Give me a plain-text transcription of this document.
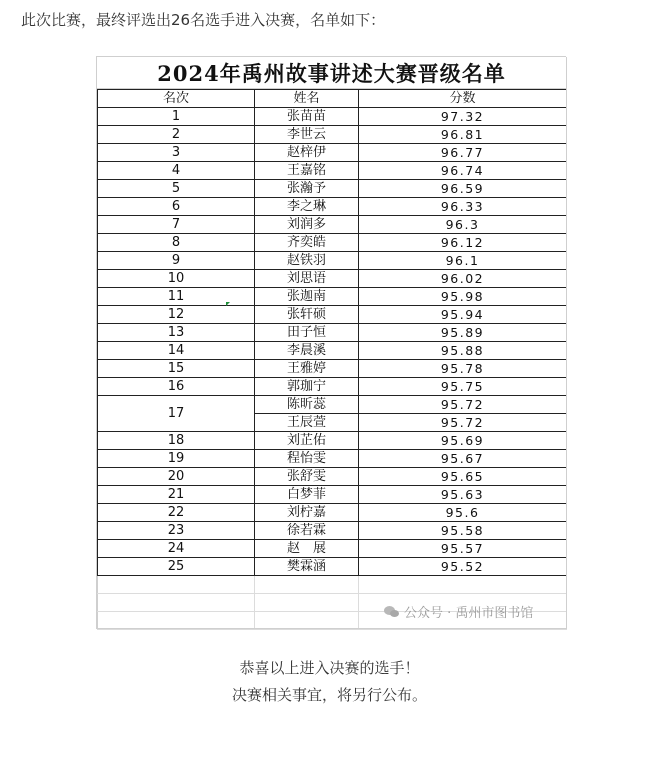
此次比赛，最终评选出26名选手进入决赛，名单如下：
2024年禹州故事讲述大赛晋级名单
名次	姓名	分数
1	张苗苗	97.32
2	李世云	96.81
3	赵梓伊	96.77
4	王嘉铭	96.74
5	张瀚予	96.59
6	李之琳	96.33
7	刘润多	96.3
8	齐奕皓	96.12
9	赵铁羽	96.1
10	刘思语	96.02
11	张迦南	95.98
12	张轩硕	95.94
13	田子恒	95.89
14	李晨溪	95.88
15	王雅婷	95.78
16	郭珈宁	95.75
17	陈昕蕊	95.72
	王辰萱	95.72
18	刘芷佑	95.69
19	程怡雯	95.67
20	张舒雯	95.65
21	白梦菲	95.63
22	刘柠嘉	95.6
23	徐若霖	95.58
24	赵　展	95.57
25	樊霖涵	95.52

公众号 · 禹州市图书馆
恭喜以上进入决赛的选手！
决赛相关事宜，将另行公布。
